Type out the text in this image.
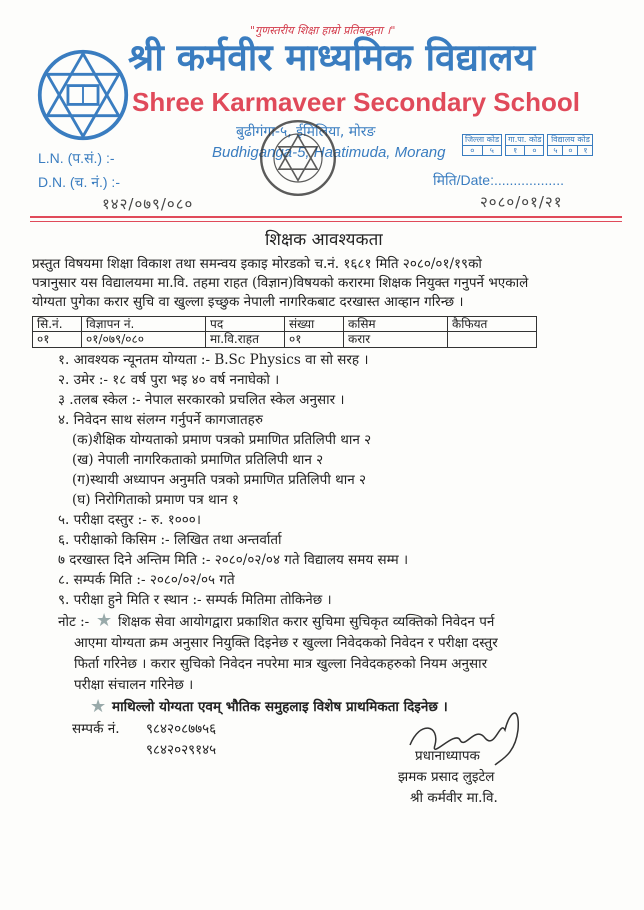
"गुणस्तरीय शिक्षा हाम्रो प्रतिबद्धता ।"
श्री कर्मवीर माध्यमिक विद्यालय
Shree Karmaveer Secondary School
बुढीगंगा-५, ईमिलिया, मोरङ
Budhiganga-5, Haatimuda, Morang
जिल्ला कोड
०	५
गा.पा. कोड
१	०
विद्यालय कोड
५	०	१
L.N. (प.सं.) :-
D.N. (च. नं.) :-
१४२/०७९/०८०
मिति/Date:..................
२०८०/०१/२१
शिक्षक आवश्यकता
प्रस्तुत विषयमा शिक्षा विकाश तथा समन्वय इकाइ मोरडको च.नं. १६८१ मिति २०८०/०१/१९को
पत्रानुसार यस विद्यालयमा मा.वि. तहमा राहत (विज्ञान)विषयको करारमा शिक्षक नियुक्त गनुपर्ने भएकाले
योग्यता पुगेका करार सुचि वा खुल्ला इच्छुक नेपाली नागरिकबाट दरखास्त आव्हान गरिन्छ ।
सि.नं.	विज्ञापन नं.	पद	संख्या	कसिम	कैफियत
०१	०१/०७९/०८०	मा.वि.राहत	०१	करार	
१. आवश्यक न्यूनतम योग्यता :- B.Sc Physics वा सो सरह ।
२. उमेर :- १८ वर्ष पुरा भइ ४० वर्ष ननाघेको ।
३ .तलब स्केल :- नेपाल सरकारको प्रचलित स्केल अनुसार ।
४. निवेदन साथ संलग्न गर्नुपर्ने कागजातहरु
(क)शैक्षिक योग्यताको प्रमाण पत्रको प्रमाणित प्रतिलिपी थान २
(ख) नेपाली नागरिकताको प्रमाणित प्रतिलिपी थान २
(ग)स्थायी अध्यापन अनुमति पत्रको प्रमाणित प्रतिलिपी थान २
(घ) निरोगिताको प्रमाण पत्र थान १
५. परीक्षा दस्तुर :- रु. १०००।
६. परीक्षाको किसिम :- लिखित तथा अन्तर्वार्ता
७ दरखास्त दिने अन्तिम मिति :- २०८०/०२/०४ गते विद्यालय समय सम्म ।
८. सम्पर्क मिति :- २०८०/०२/०५ गते
९. परीक्षा हुने मिति र स्थान :- सम्पर्क मितिमा तोकिनेछ ।
नोट :- ★ शिक्षक सेवा आयोगद्वारा प्रकाशित करार सुचिमा सुचिकृत व्यक्तिको निवेदन पर्न
आएमा योग्यता क्रम अनुसार नियुक्ति दिइनेछ र खुल्ला निवेदकको निवेदन र परीक्षा दस्तुर
फिर्ता गरिनेछ । करार सुचिको निवेदन नपरेमा मात्र खुल्ला निवेदकहरुको नियम अनुसार
परीक्षा संचालन गरिनेछ ।
★ माथिल्लो योग्यता एवम् भौतिक समुहलाइ विशेष प्राथमिकता दिइनेछ ।
सम्पर्क नं. ९८४२०८७७५६
९८४२०२९१४५	प्रधानाध्यापक
झमक प्रसाद लुइटेल
श्री कर्मवीर मा.वि.
